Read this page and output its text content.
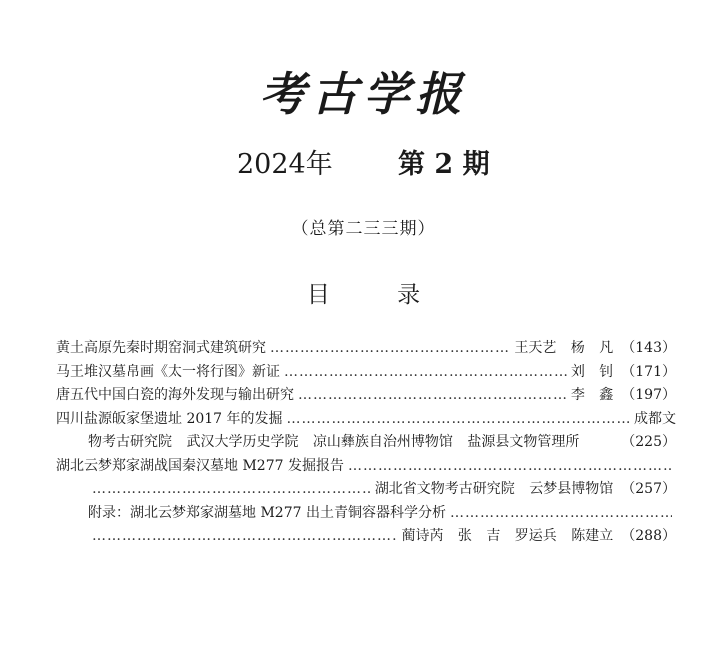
考古学报
2024年 第 2 期
（总第二三三期）
目 录
黄土高原先秦时期窑洞式建筑研究 ………………………………………………………………………………………………………………………………………………………………………………	王天艺 杨 凡 （143）
马王堆汉墓帛画《太一将行图》新证 ………………………………………………………………………………………………………………………………………………………………………………	刘 钊 （171）
唐五代中国白瓷的海外发现与输出研究 ………………………………………………………………………………………………………………………………………………………………………………	李 鑫 （197）
四川盐源皈家堡遗址 2017 年的发掘 ………………………………………………………………………………………………………………………………………………………………………………	成都文
物考古研究院 武汉大学历史学院 凉山彝族自治州博物馆 盐源县文物管理所	（225）
湖北云梦郑家湖战国秦汉墓地 M277 发掘报告
………………………………………………………………………………………………………………………………………………………………………………
………………………………………………………………………………………………………………………………………………………………………………
湖北省文物考古研究院 云梦县博物馆 （257）
附录：湖北云梦郑家湖墓地 M277 出土青铜容器科学分析
………………………………………………………………………………………………………………………………………………………………………………
………………………………………………………………………………………………………………………………………………………………………………
蔺诗芮 张 吉 罗运兵 陈建立 （288）
